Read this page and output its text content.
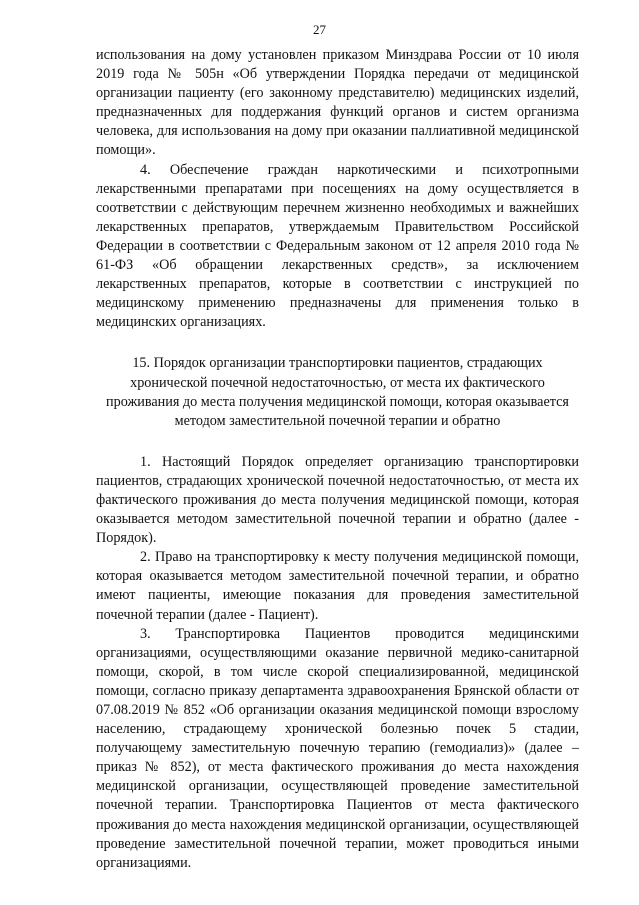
27

использования на дому установлен приказом Минздрава России от 10 июля 2019 года № 505н «Об утверждении Порядка передачи от медицинской организации пациенту (его законному представителю) медицинских изделий, предназначенных для поддержания функций органов и систем организма человека, для использования на дому при оказании паллиативной медицинской помощи».

4. Обеспечение граждан наркотическими и психотропными лекарственными препаратами при посещениях на дому осуществляется в соответствии с действующим перечнем жизненно необходимых и важнейших лекарственных препаратов, утверждаемым Правительством Российской Федерации в соответствии с Федеральным законом от 12 апреля 2010 года № 61-ФЗ «Об обращении лекарственных средств», за исключением лекарственных препаратов, которые в соответствии с инструкцией по медицинскому применению предназначены для применения только в медицинских организациях.

15. Порядок организации транспортировки пациентов, страдающих хронической почечной недостаточностью, от места их фактического проживания до места получения медицинской помощи, которая оказывается методом заместительной почечной терапии и обратно

1. Настоящий Порядок определяет организацию транспортировки пациентов, страдающих хронической почечной недостаточностью, от места их фактического проживания до места получения медицинской помощи, которая оказывается методом заместительной почечной терапии и обратно (далее - Порядок).

2. Право на транспортировку к месту получения медицинской помощи, которая оказывается методом заместительной почечной терапии, и обратно имеют пациенты, имеющие показания для проведения заместительной почечной терапии (далее - Пациент).

3. Транспортировка Пациентов проводится медицинскими организациями, осуществляющими оказание первичной медико-санитарной помощи, скорой, в том числе скорой специализированной, медицинской помощи, согласно приказу департамента здравоохранения Брянской области от 07.08.2019 № 852 «Об организации оказания медицинской помощи взрослому населению, страдающему хронической болезнью почек 5 стадии, получающему заместительную почечную терапию (гемодиализ)» (далее – приказ № 852), от места фактического проживания до места нахождения медицинской организации, осуществляющей проведение заместительной почечной терапии. Транспортировка Пациентов от места фактического проживания до места нахождения медицинской организации, осуществляющей проведение заместительной почечной терапии, может проводиться иными организациями.
